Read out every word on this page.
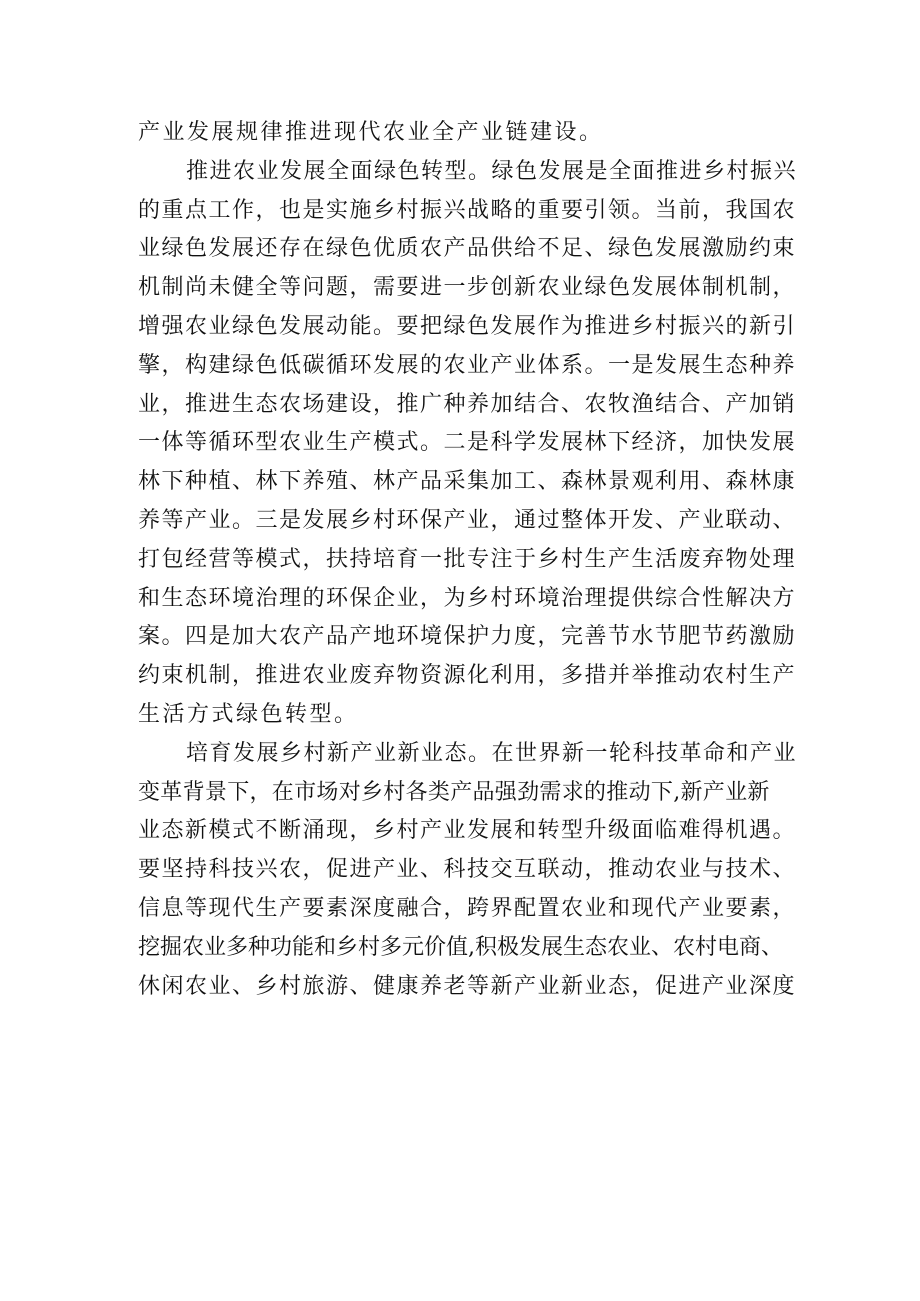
产业发展规律推进现代农业全产业链建设。
推进农业发展全面绿色转型。绿色发展是全面推进乡村振兴
的重点工作，也是实施乡村振兴战略的重要引领。当前，我国农
业绿色发展还存在绿色优质农产品供给不足、绿色发展激励约束
机制尚未健全等问题，需要进一步创新农业绿色发展体制机制，
增强农业绿色发展动能。要把绿色发展作为推进乡村振兴的新引
擎，构建绿色低碳循环发展的农业产业体系。一是发展生态种养
业，推进生态农场建设，推广种养加结合、农牧渔结合、产加销
一体等循环型农业生产模式。二是科学发展林下经济，加快发展
林下种植、林下养殖、林产品采集加工、森林景观利用、森林康
养等产业。三是发展乡村环保产业，通过整体开发、产业联动、
打包经营等模式，扶持培育一批专注于乡村生产生活废弃物处理
和生态环境治理的环保企业，为乡村环境治理提供综合性解决方
案。四是加大农产品产地环境保护力度，完善节水节肥节药激励
约束机制，推进农业废弃物资源化利用，多措并举推动农村生产
生活方式绿色转型。
培育发展乡村新产业新业态。在世界新一轮科技革命和产业
变革背景下，在市场对乡村各类产品强劲需求的推动下,新产业新
业态新模式不断涌现，乡村产业发展和转型升级面临难得机遇。
要坚持科技兴农，促进产业、科技交互联动，推动农业与技术、
信息等现代生产要素深度融合，跨界配置农业和现代产业要素，
挖掘农业多种功能和乡村多元价值,积极发展生态农业、农村电商、
休闲农业、乡村旅游、健康养老等新产业新业态，促进产业深度
